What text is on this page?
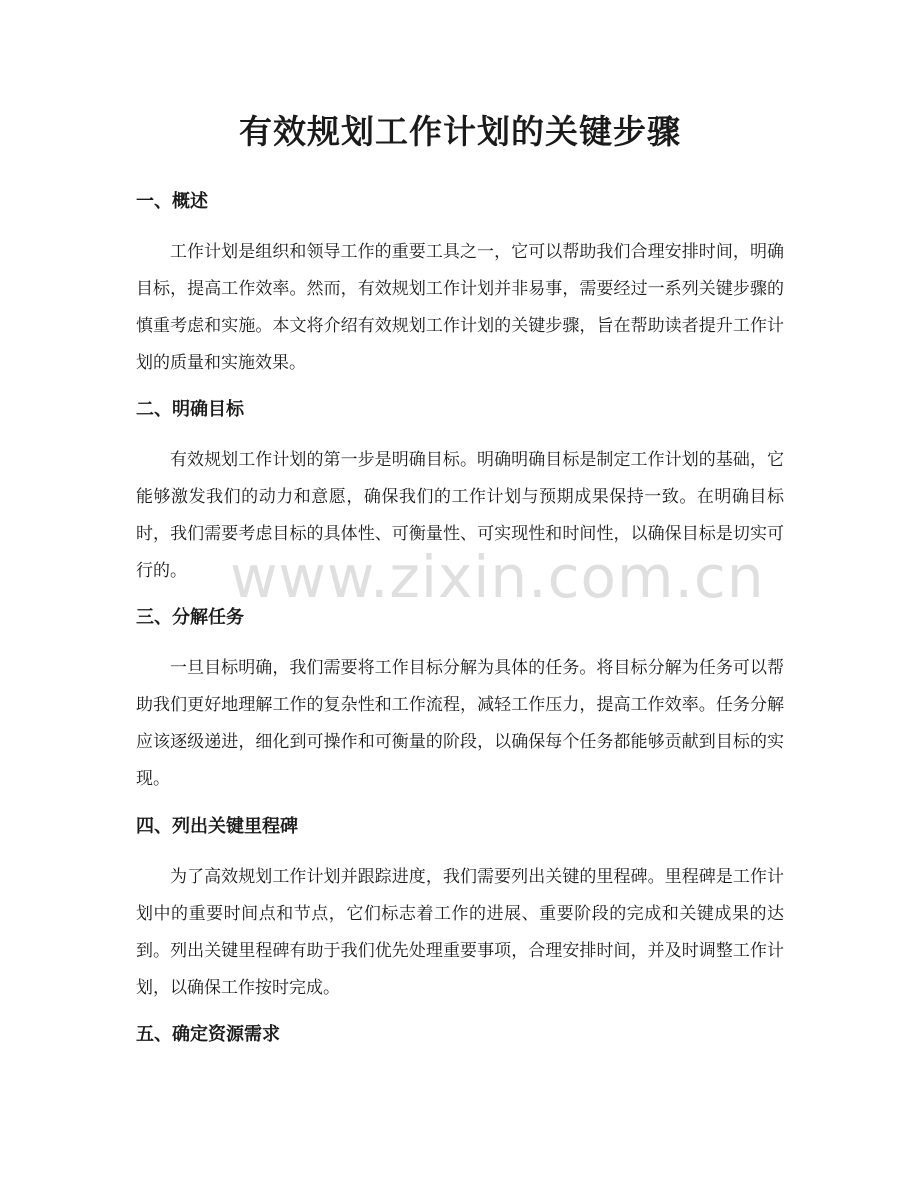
有效规划工作计划的关键步骤
一、概述

工作计划是组织和领导工作的重要工具之一，它可以帮助我们合理安排时间，明确目标，提高工作效率。然而，有效规划工作计划并非易事，需要经过一系列关键步骤的慎重考虑和实施。本文将介绍有效规划工作计划的关键步骤，旨在帮助读者提升工作计划的质量和实施效果。

二、明确目标

有效规划工作计划的第一步是明确目标。明确明确目标是制定工作计划的基础，它能够激发我们的动力和意愿，确保我们的工作计划与预期成果保持一致。在明确目标时，我们需要考虑目标的具体性、可衡量性、可实现性和时间性，以确保目标是切实可行的。

三、分解任务

一旦目标明确，我们需要将工作目标分解为具体的任务。将目标分解为任务可以帮助我们更好地理解工作的复杂性和工作流程，减轻工作压力，提高工作效率。任务分解应该逐级递进，细化到可操作和可衡量的阶段，以确保每个任务都能够贡献到目标的实现。

四、列出关键里程碑

为了高效规划工作计划并跟踪进度，我们需要列出关键的里程碑。里程碑是工作计划中的重要时间点和节点，它们标志着工作的进展、重要阶段的完成和关键成果的达到。列出关键里程碑有助于我们优先处理重要事项，合理安排时间，并及时调整工作计划，以确保工作按时完成。

五、确定资源需求
www.zixin.com.cn
